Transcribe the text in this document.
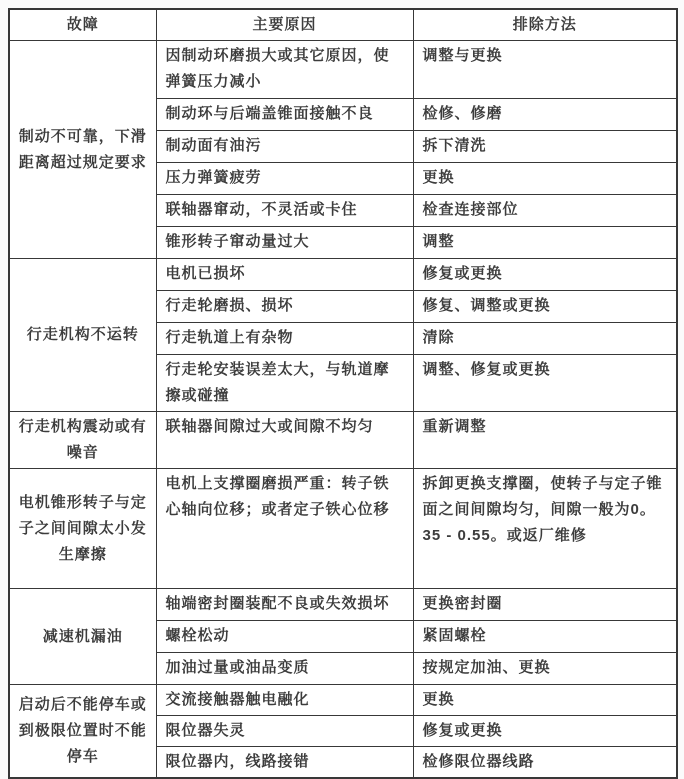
故障	主要原因	排除方法
制动不可靠，下滑距离超过规定要求	因制动环磨损大或其它原因，使弹簧压力减小	调整与更换
	制动环与后端盖锥面接触不良	检修、修磨
	制动面有油污	拆下清洗
	压力弹簧疲劳	更换
	联轴器窜动，不灵活或卡住	检查连接部位
	锥形转子窜动量过大	调整
行走机构不运转	电机已损坏	修复或更换
	行走轮磨损、损坏	修复、调整或更换
	行走轨道上有杂物	清除
	行走轮安装误差太大，与轨道摩擦或碰撞	调整、修复或更换
行走机构震动或有噪音	联轴器间隙过大或间隙不均匀	重新调整
电机锥形转子与定子之间间隙太小发生摩擦	电机上支撑圈磨损严重：转子铁心轴向位移；或者定子铁心位移	拆卸更换支撑圈，使转子与定子锥面之间间隙均匀，间隙一般为0。35 - 0.55。或返厂维修
减速机漏油	轴端密封圈装配不良或失效损坏	更换密封圈
	螺栓松动	紧固螺栓
	加油过量或油品变质	按规定加油、更换
启动后不能停车或到极限位置时不能停车	交流接触器触电融化	更换
	限位器失灵	修复或更换
	限位器内，线路接错	检修限位器线路
